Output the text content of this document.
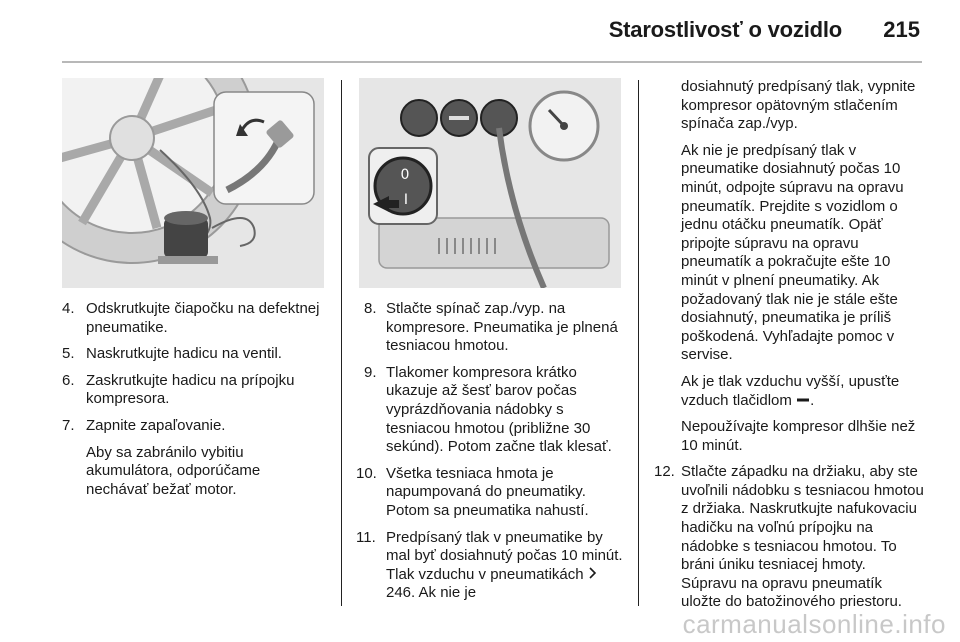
Starostlivosť o vozidlo 215
0
I
4. Odskrutkujte čiapočku na defektnej pneumatike.
5. Naskrutkujte hadicu na ventil.
6. Zaskrutkujte hadicu na prípojku kompresora.
7. Zapnite zapaľovanie.
Aby sa zabránilo vybitiu akumulátora, odporúčame nechávať bežať motor.
8. Stlačte spínač zap./vyp. na kompresore. Pneumatika je plnená tesniacou hmotou.
9. Tlakomer kompresora krátko ukazuje až šesť barov počas vyprázdňovania nádobky s tesniacou hmotou (približne 30 sekúnd). Potom začne tlak klesať.
10. Všetka tesniaca hmota je napumpovaná do pneumatiky. Potom sa pneumatika nahustí.
11. Predpísaný tlak v pneumatike by mal byť dosiahnutý počas 10 minút. Tlak vzduchu v pneumatikách  246. Ak nie je
dosiahnutý predpísaný tlak, vypnite kompresor opätovným stlačením spínača zap./vyp.
Ak nie je predpísaný tlak v pneumatike dosiahnutý počas 10 minút, odpojte súpravu na opravu pneumatík. Prejdite s vozidlom o jednu otáčku pneumatík. Opäť pripojte súpravu na opravu pneumatík a pokračujte ešte 10 minút v plnení pneumatiky. Ak požadovaný tlak nie je stále ešte dosiahnutý, pneumatika je príliš poškodená. Vyhľadajte pomoc v servise.
Ak je tlak vzduchu vyšší, upusťte vzduch tlačidlom .
Nepoužívajte kompresor dlhšie než 10 minút.
12. Stlačte západku na držiaku, aby ste uvoľnili nádobku s tesniacou hmotou z držiaka. Naskrutkujte nafukovaciu hadičku na voľnú prípojku na nádobke s tesniacou hmotou. To bráni úniku tesniacej hmoty. Súpravu na opravu pneumatík uložte do batožinového priestoru.
carmanualsonline.info
